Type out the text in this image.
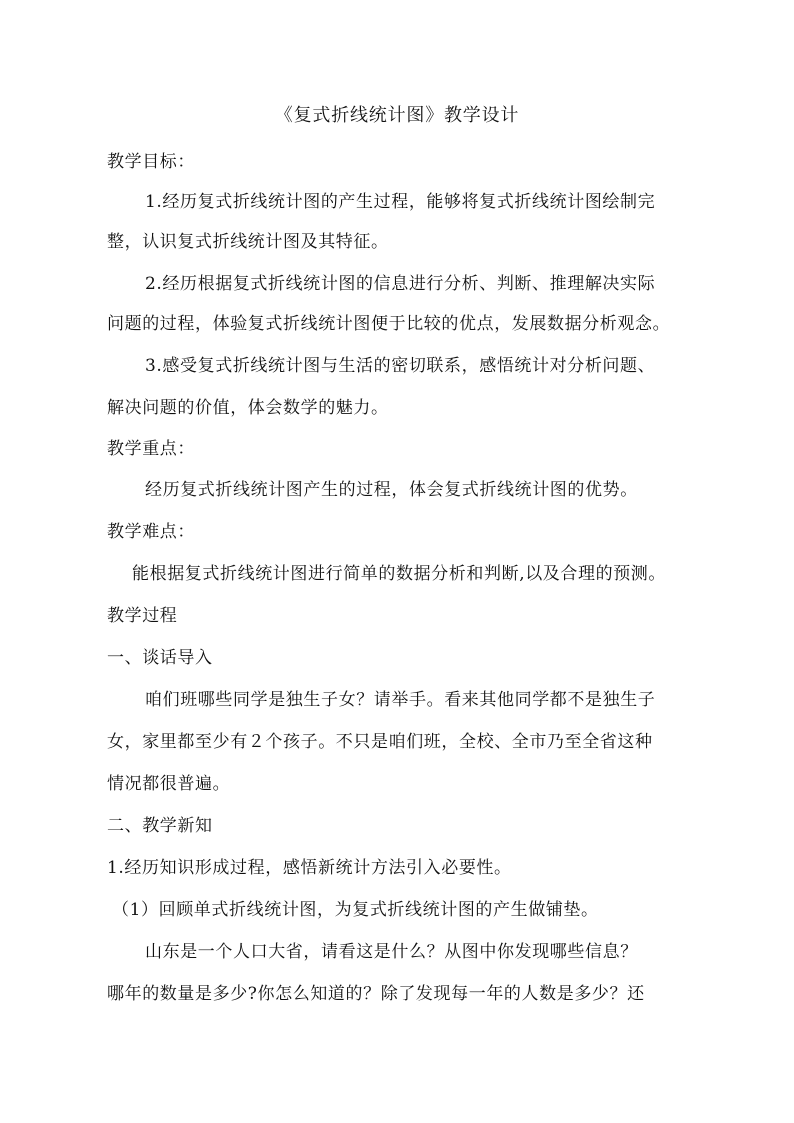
《复式折线统计图》教学设计
教学目标：
1.经历复式折线统计图的产生过程，能够将复式折线统计图绘制完
整，认识复式折线统计图及其特征。
2.经历根据复式折线统计图的信息进行分析、判断、推理解决实际
问题的过程，体验复式折线统计图便于比较的优点，发展数据分析观念。
3.感受复式折线统计图与生活的密切联系，感悟统计对分析问题、
解决问题的价值，体会数学的魅力。
教学重点：
经历复式折线统计图产生的过程，体会复式折线统计图的优势。
教学难点：
能根据复式折线统计图进行简单的数据分析和判断,以及合理的预测。
教学过程
一、谈话导入
咱们班哪些同学是独生子女？请举手。看来其他同学都不是独生子
女，家里都至少有２个孩子。不只是咱们班，全校、全市乃至全省这种
情况都很普遍。
二、教学新知
1.经历知识形成过程，感悟新统计方法引入必要性。
（1）回顾单式折线统计图，为复式折线统计图的产生做铺垫。
山东是一个人口大省，请看这是什么？从图中你发现哪些信息？
哪年的数量是多少?你怎么知道的？除了发现每一年的人数是多少？还
